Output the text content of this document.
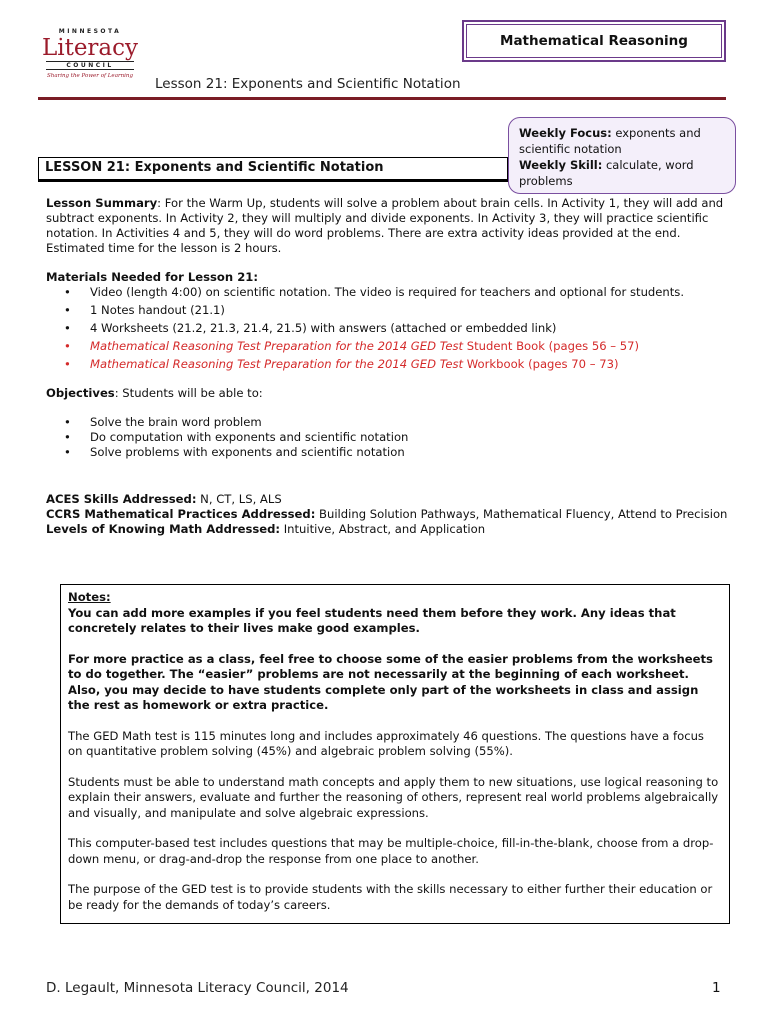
MINNESOTA
Literacy
COUNCIL
Sharing the Power of Learning	Lesson 21: Exponents and Scientific Notation
Mathematical Reasoning
Weekly Focus: exponents and scientific notation
Weekly Skill: calculate, word problems
LESSON 21: Exponents and Scientific Notation

Lesson Summary: For the Warm Up, students will solve a problem about brain cells. In Activity 1, they will add and subtract exponents. In Activity 2, they will multiply and divide exponents. In Activity 3, they will practice scientific notation. In Activities 4 and 5, they will do word problems. There are extra activity ideas provided at the end. Estimated time for the lesson is 2 hours.

Materials Needed for Lesson 21:

• Video (length 4:00) on scientific notation. The video is required for teachers and optional for students.
• 1 Notes handout (21.1)
• 4 Worksheets (21.2, 21.3, 21.4, 21.5) with answers (attached or embedded link)
• Mathematical Reasoning Test Preparation for the 2014 GED Test Student Book (pages 56 – 57)
• Mathematical Reasoning Test Preparation for the 2014 GED Test Workbook (pages 70 – 73)

Objectives: Students will be able to:

• Solve the brain word problem
• Do computation with exponents and scientific notation
• Solve problems with exponents and scientific notation

ACES Skills Addressed: N, CT, LS, ALS

CCRS Mathematical Practices Addressed: Building Solution Pathways, Mathematical Fluency, Attend to Precision

Levels of Knowing Math Addressed: Intuitive, Abstract, and Application

Notes:

You can add more examples if you feel students need them before they work. Any ideas that concretely relates to their lives make good examples.

For more practice as a class, feel free to choose some of the easier problems from the worksheets to do together. The “easier” problems are not necessarily at the beginning of each worksheet. Also, you may decide to have students complete only part of the worksheets in class and assign the rest as homework or extra practice.

The GED Math test is 115 minutes long and includes approximately 46 questions. The questions have a focus on quantitative problem solving (45%) and algebraic problem solving (55%).

Students must be able to understand math concepts and apply them to new situations, use logical reasoning to explain their answers, evaluate and further the reasoning of others, represent real world problems algebraically and visually, and manipulate and solve algebraic expressions.

This computer-based test includes questions that may be multiple-choice, fill-in-the-blank, choose from a drop-down menu, or drag-and-drop the response from one place to another.

The purpose of the GED test is to provide students with the skills necessary to either further their education or be ready for the demands of today’s careers.

D. Legault, Minnesota Literacy Council, 2014	1
